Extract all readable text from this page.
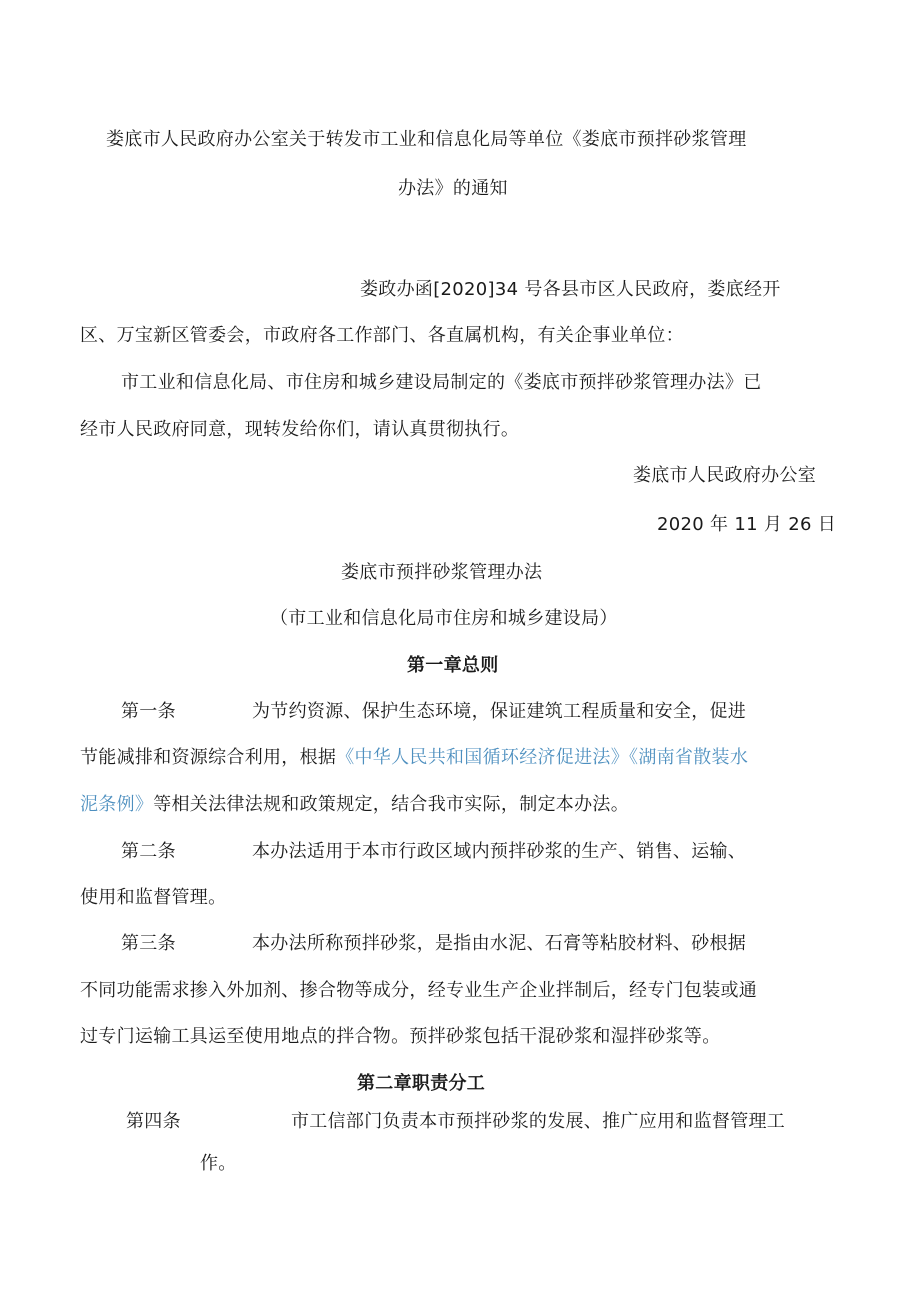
娄底市人民政府办公室关于转发市工业和信息化局等单位《娄底市预拌砂浆管理
办法》的通知
娄政办函[2020]34 号各县市区人民政府，娄底经开
区、万宝新区管委会，市政府各工作部门、各直属机构，有关企事业单位：
市工业和信息化局、市住房和城乡建设局制定的《娄底市预拌砂浆管理办法》已
经市人民政府同意，现转发给你们，请认真贯彻执行。
娄底市人民政府办公室
2020 年 11 月 26 日
娄底市预拌砂浆管理办法
（市工业和信息化局市住房和城乡建设局）
第一章总则
第一条	为节约资源、保护生态环境，保证建筑工程质量和安全，促进
节能减排和资源综合利用，根据《中华人民共和国循环经济促进法》《湖南省散装水
泥条例》等相关法律法规和政策规定，结合我市实际，制定本办法。
第二条	本办法适用于本市行政区域内预拌砂浆的生产、销售、运输、
使用和监督管理。
第三条	本办法所称预拌砂浆，是指由水泥、石膏等粘胶材料、砂根据
不同功能需求掺入外加剂、掺合物等成分，经专业生产企业拌制后，经专门包装或通
过专门运输工具运至使用地点的拌合物。预拌砂浆包括干混砂浆和湿拌砂浆等。
第二章职责分工
第四条	市工信部门负责本市预拌砂浆的发展、推广应用和监督管理工
作。
